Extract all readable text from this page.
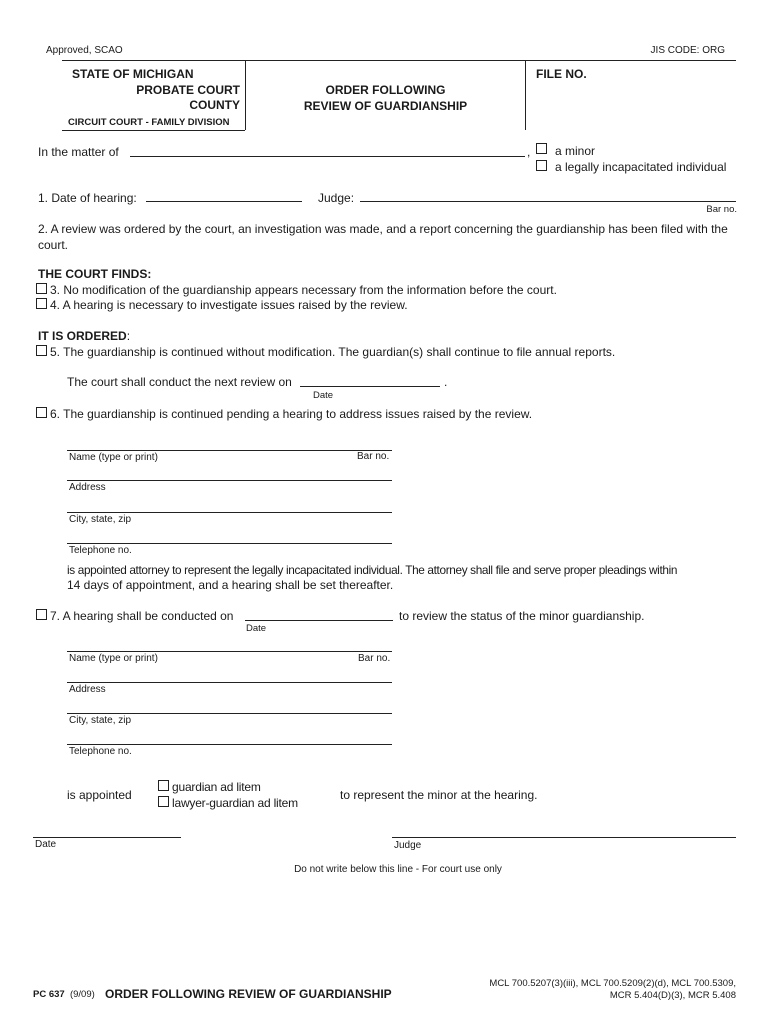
Approved, SCAO	JIS CODE: ORG
STATE OF MICHIGAN
PROBATE COURT
COUNTY
CIRCUIT COURT - FAMILY DIVISION
ORDER FOLLOWING
REVIEW OF GUARDIANSHIP
FILE NO.
In the matter of	, a minor
a legally incapacitated individual
1. Date of hearing:	Judge:
Bar no.
2. A review was ordered by the court, an investigation was made, and a report concerning the guardianship has been filed with the court.
THE COURT FINDS:
3. No modification of the guardianship appears necessary from the information before the court.
4. A hearing is necessary to investigate issues raised by the review.
IT IS ORDERED:
5. The guardianship is continued without modification. The guardian(s) shall continue to file annual reports.
The court shall conduct the next review on	.
Date
6. The guardianship is continued pending a hearing to address issues raised by the review.
Name (type or print)	Bar no.
Address
City, state, zip
Telephone no.
is appointed attorney to represent the legally incapacitated individual. The attorney shall file and serve proper pleadings within
14 days of appointment, and a hearing shall be set thereafter.
7. A hearing shall be conducted on	to review the status of the minor guardianship.
Date
Name (type or print)	Bar no.
Address
City, state, zip
Telephone no.
is appointed
guardian ad litem
lawyer-guardian ad litem
to represent the minor at the hearing.
Date	Judge
Do not write below this line - For court use only
PC 637 (9/09) ORDER FOLLOWING REVIEW OF GUARDIANSHIP
MCL 700.5207(3)(iii), MCL 700.5209(2)(d), MCL 700.5309,
MCR 5.404(D)(3), MCR 5.408
